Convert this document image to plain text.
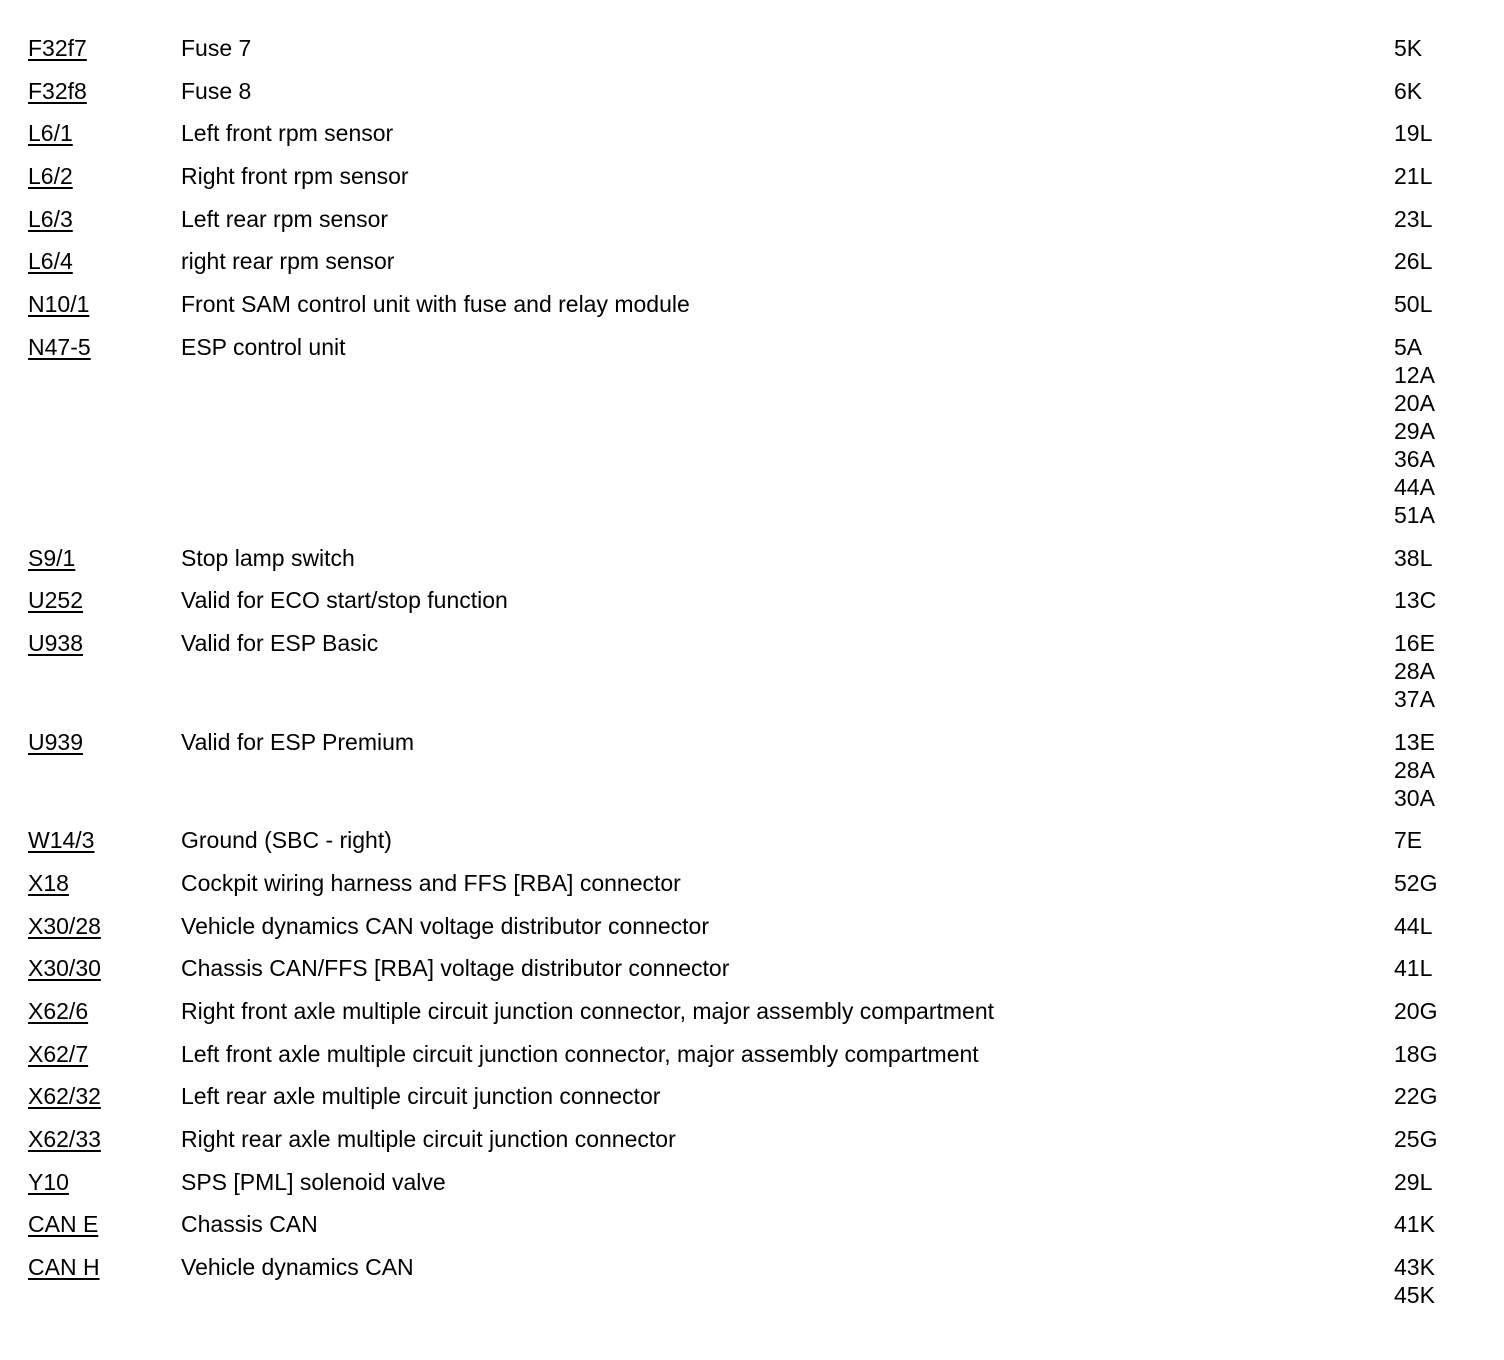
F32f7	Fuse 7	5K
F32f8	Fuse 8	6K
L6/1	Left front rpm sensor	19L
L6/2	Right front rpm sensor	21L
L6/3	Left rear rpm sensor	23L
L6/4	right rear rpm sensor	26L
N10/1	Front SAM control unit with fuse and relay module	50L
N47-5	ESP control unit	5A
12A
20A
29A
36A
44A
51A
S9/1	Stop lamp switch	38L
U252	Valid for ECO start/stop function	13C
U938	Valid for ESP Basic	16E
28A
37A
U939	Valid for ESP Premium	13E
28A
30A
W14/3	Ground (SBC - right)	7E
X18	Cockpit wiring harness and FFS [RBA] connector	52G
X30/28	Vehicle dynamics CAN voltage distributor connector	44L
X30/30	Chassis CAN/FFS [RBA] voltage distributor connector	41L
X62/6	Right front axle multiple circuit junction connector, major assembly compartment	20G
X62/7	Left front axle multiple circuit junction connector, major assembly compartment	18G
X62/32	Left rear axle multiple circuit junction connector	22G
X62/33	Right rear axle multiple circuit junction connector	25G
Y10	SPS [PML] solenoid valve	29L
CAN E	Chassis CAN	41K
CAN H	Vehicle dynamics CAN	43K
45K
